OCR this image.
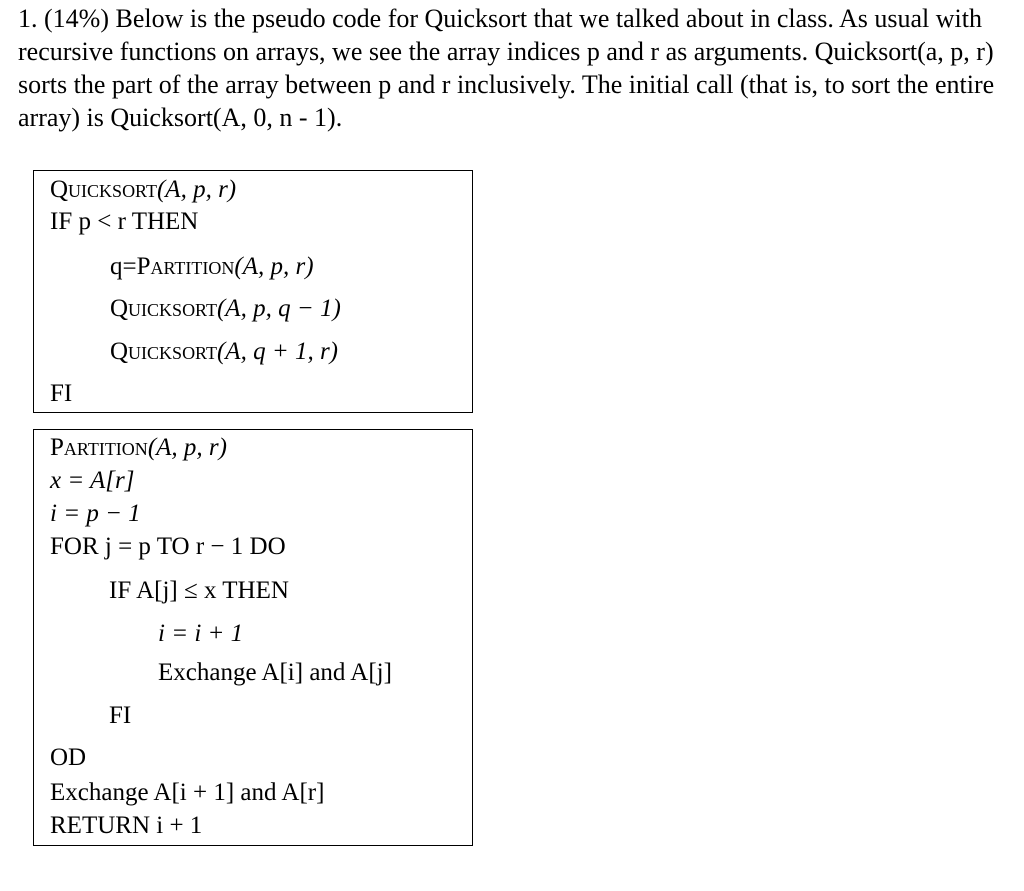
1. (14%) Below is the pseudo code for Quicksort that we talked about in class. As usual with recursive functions on arrays, we see the array indices p and r as arguments. Quicksort(a, p, r) sorts the part of the array between p and r inclusively. The initial call (that is, to sort the entire array) is Quicksort(A, 0, n - 1).
Quicksort(A, p, r)
IF p < r THEN
q=Partition(A, p, r)
Quicksort(A, p, q − 1)
Quicksort(A, q + 1, r)
FI
Partition(A, p, r)
x = A[r]
i = p − 1
FOR j = p TO r − 1 DO
IF A[j] ≤ x THEN
i = i + 1
Exchange A[i] and A[j]
FI
OD
Exchange A[i + 1] and A[r]
RETURN i + 1
